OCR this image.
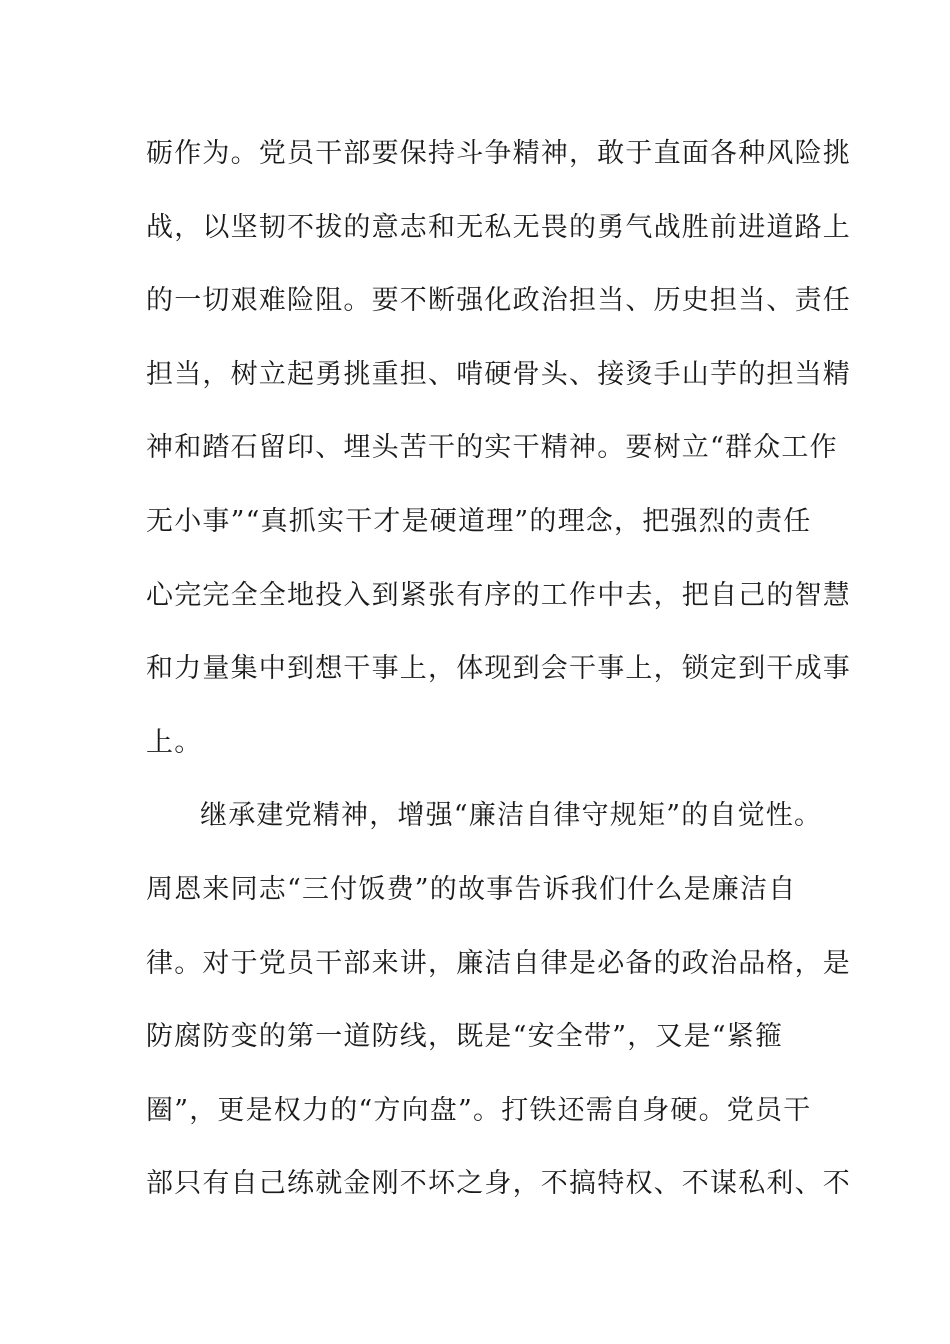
砺作为。党员干部要保持斗争精神，敢于直面各种风险挑
战，以坚韧不拔的意志和无私无畏的勇气战胜前进道路上
的一切艰难险阻。要不断强化政治担当、历史担当、责任
担当，树立起勇挑重担、啃硬骨头、接烫手山芋的担当精
神和踏石留印、埋头苦干的实干精神。要树立“群众工作
无小事”“真抓实干才是硬道理”的理念，把强烈的责任
心完完全全地投入到紧张有序的工作中去，把自己的智慧
和力量集中到想干事上，体现到会干事上，锁定到干成事
上。
继承建党精神，增强“廉洁自律守规矩”的自觉性。
周恩来同志“三付饭费”的故事告诉我们什么是廉洁自
律。对于党员干部来讲，廉洁自律是必备的政治品格，是
防腐防变的第一道防线，既是“安全带”，又是“紧箍
圈”，更是权力的“方向盘”。打铁还需自身硬。党员干
部只有自己练就金刚不坏之身，不搞特权、不谋私利、不
